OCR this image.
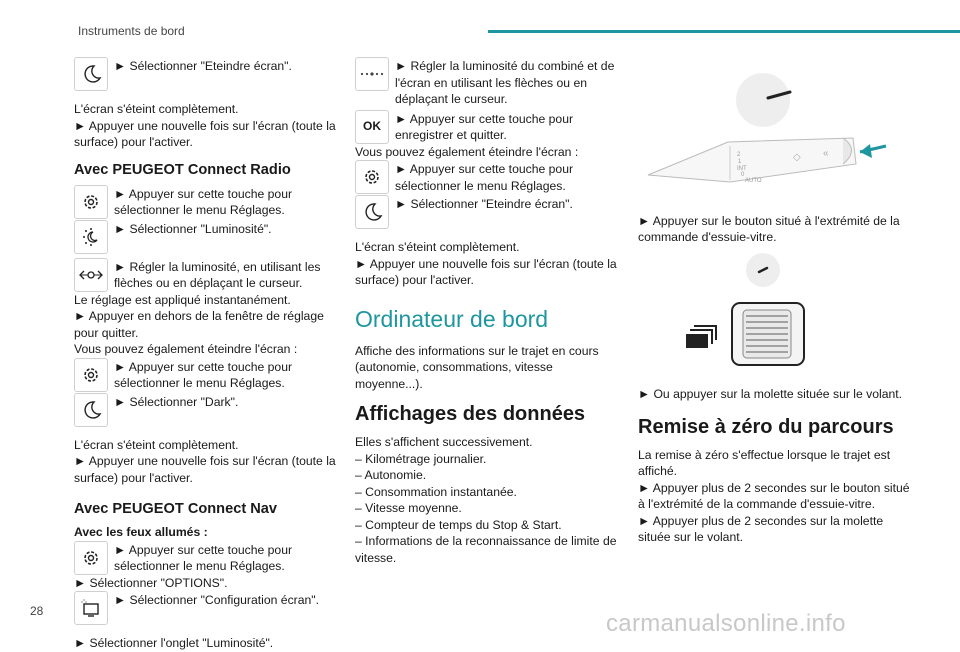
Instruments de bord
► Sélectionner "Eteindre écran".

L'écran s'éteint complètement.

► Appuyer une nouvelle fois sur l'écran (toute la surface) pour l'activer.

Avec PEUGEOT Connect Radio
► Appuyer sur cette touche pour sélectionner le menu Réglages.
► Sélectionner "Luminosité".
► Régler la luminosité, en utilisant les flèches ou en déplaçant le curseur.

Le réglage est appliqué instantanément.

► Appuyer en dehors de la fenêtre de réglage pour quitter.

Vous pouvez également éteindre l'écran :

► Appuyer sur cette touche pour sélectionner le menu Réglages.
► Sélectionner "Dark".

L'écran s'éteint complètement.

► Appuyer une nouvelle fois sur l'écran (toute la surface) pour l'activer.

Avec PEUGEOT Connect Nav

Avec les feux allumés :

► Appuyer sur cette touche pour sélectionner le menu Réglages.

► Sélectionner "OPTIONS".

► Sélectionner "Configuration écran".

► Sélectionner l'onglet "Luminosité".

► Régler la luminosité du combiné et de l'écran en utilisant les flèches ou en déplaçant le curseur.
OK
► Appuyer sur cette touche pour enregistrer et quitter.

Vous pouvez également éteindre l'écran :

► Appuyer sur cette touche pour sélectionner le menu Réglages.
► Sélectionner "Eteindre écran".

L'écran s'éteint complètement.

► Appuyer une nouvelle fois sur l'écran (toute la surface) pour l'activer.

Ordinateur de bord

Affiche des informations sur le trajet en cours (autonomie, consommations, vitesse moyenne...).

Affichages des données

Elles s'affichent successivement.

– Kilométrage journalier.

– Autonomie.

– Consommation instantanée.

– Vitesse moyenne.

– Compteur de temps du Stop & Start.

– Informations de la reconnaissance de limite de vitesse.

2
1
INT
0
AUTO
◇ «

► Appuyer sur le bouton situé à l'extrémité de la commande d'essuie-vitre.

► Ou appuyer sur la molette située sur le volant.

Remise à zéro du parcours

La remise à zéro s'effectue lorsque le trajet est affiché.

► Appuyer plus de 2 secondes sur le bouton situé à l'extrémité de la commande d'essuie-vitre.

► Appuyer plus de 2 secondes sur la molette située sur le volant.

28	carmanualsonline.info
